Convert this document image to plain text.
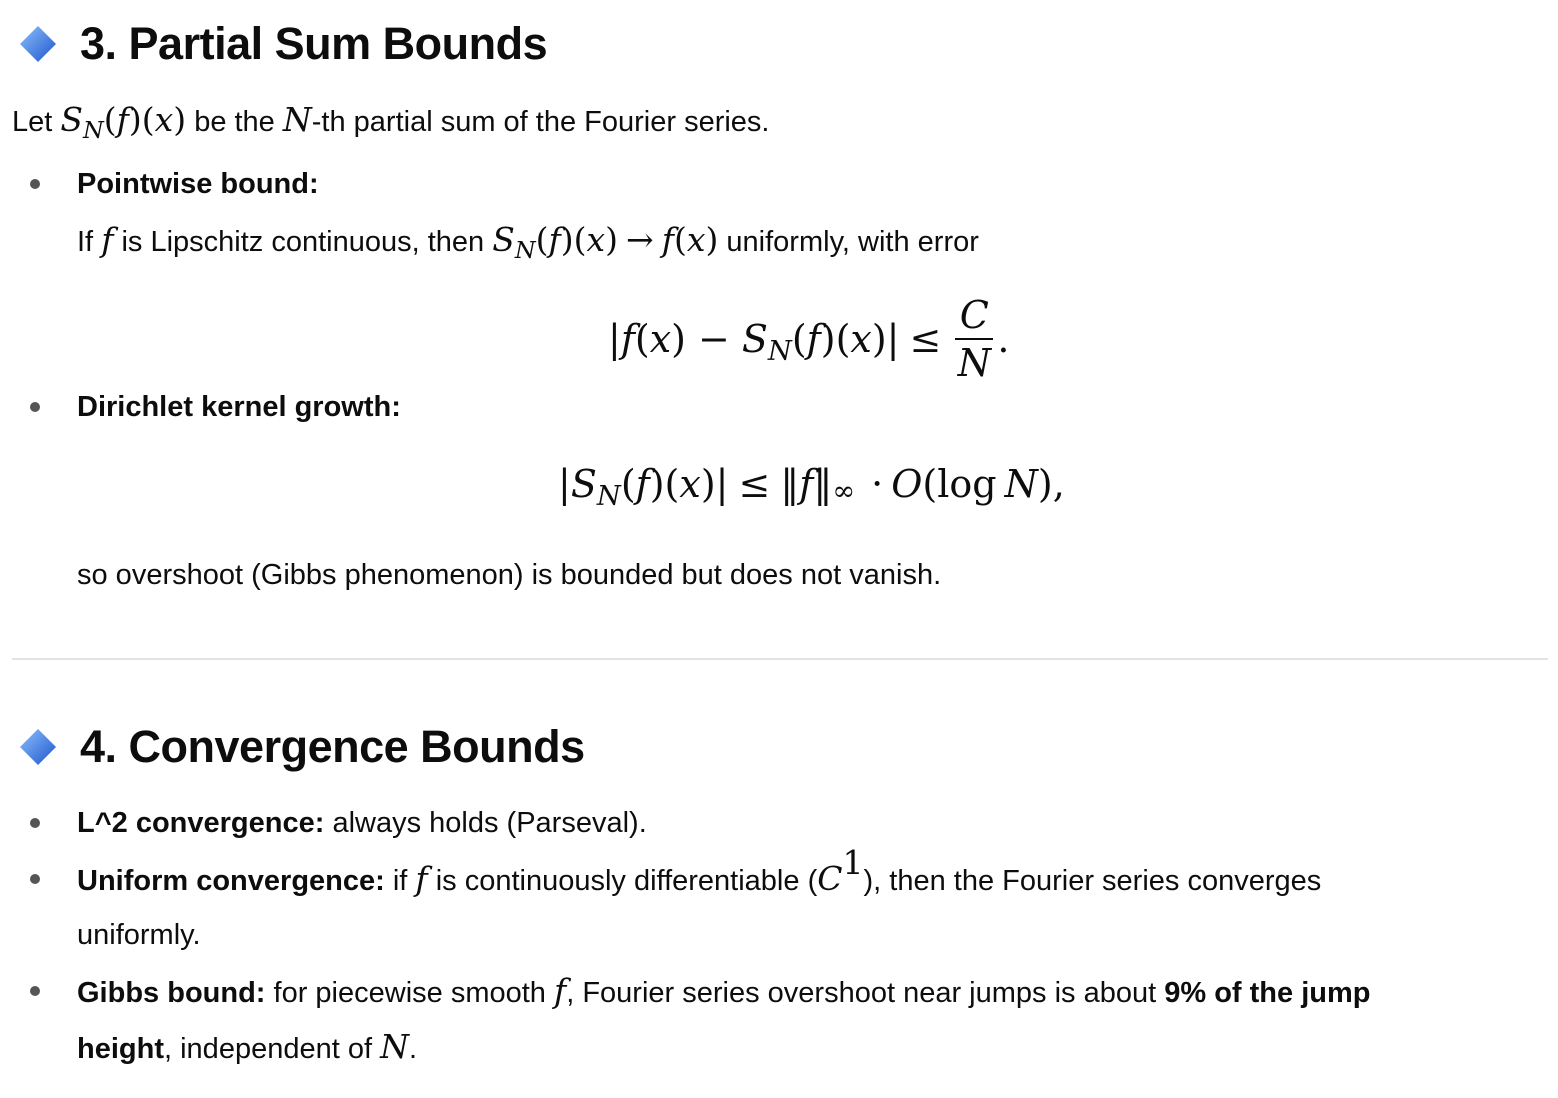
3. Partial Sum Bounds
Let $S_N(f)(x)$ be the N-th partial sum of the Fourier series.
Pointwise bound:
If f is Lipschitz continuous, then $S_N(f)(x) \to f(x)$ uniformly, with error
| f ( x ) − $S_N$ ( f ) ( x ) | ≤ $\frac{C}{N}$ .
Dirichlet kernel growth:
| $S_N$ ( f ) ( x ) | ≤ ‖ f ‖ ∞ · O ( log N ) ,
so overshoot (Gibbs phenomenon) is bounded but does not vanish.
4. Convergence Bounds
L^2 convergence: always holds (Parseval).
Uniform convergence: if f is continuously differentiable (C1), then the Fourier series converges
uniformly.
Gibbs bound: for piecewise smooth f, Fourier series overshoot near jumps is about 9% of the jump
height, independent of N.
